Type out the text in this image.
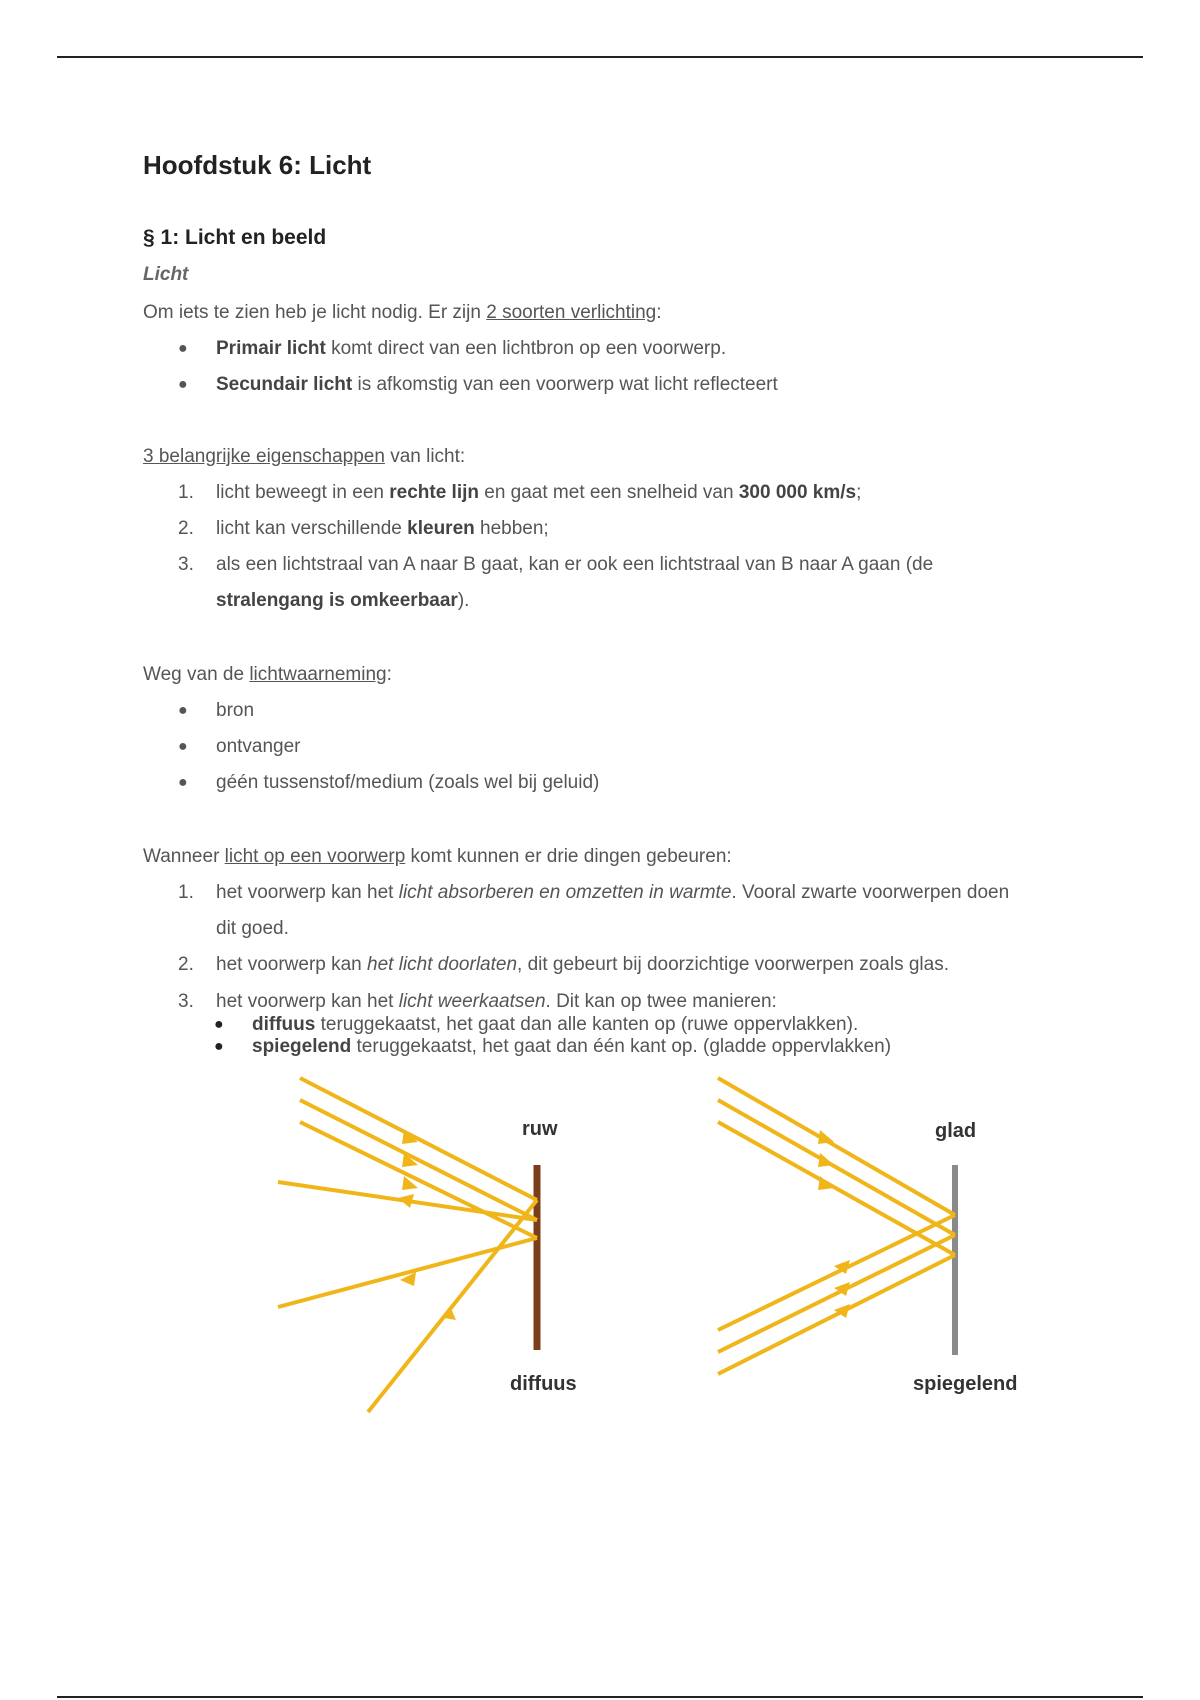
Hoofdstuk 6: Licht
§ 1: Licht en beeld
Licht

Om iets te zien heb je licht nodig. Er zijn 2 soorten verlichting:

● Primair licht komt direct van een lichtbron op een voorwerp.

● Secundair licht is afkomstig van een voorwerp wat licht reflecteert

3 belangrijke eigenschappen van licht:

1. licht beweegt in een rechte lijn en gaat met een snelheid van 300 000 km/s;

2. licht kan verschillende kleuren hebben;

3. als een lichtstraal van A naar B gaat, kan er ook een lichtstraal van B naar A gaan (de

stralengang is omkeerbaar).

Weg van de lichtwaarneming:

● bron

● ontvanger

● géén tussenstof/medium (zoals wel bij geluid)

Wanneer licht op een voorwerp komt kunnen er drie dingen gebeuren:

1. het voorwerp kan het licht absorberen en omzetten in warmte. Vooral zwarte voorwerpen doen

dit goed.

2. het voorwerp kan het licht doorlaten, dit gebeurt bij doorzichtige voorwerpen zoals glas.

3. het voorwerp kan het licht weerkaatsen. Dit kan op twee manieren:

● diffuus teruggekaatst, het gaat dan alle kanten op (ruwe oppervlakken).

● spiegelend teruggekaatst, het gaat dan één kant op. (gladde oppervlakken)

ruw
diffuus
glad
spiegelend
